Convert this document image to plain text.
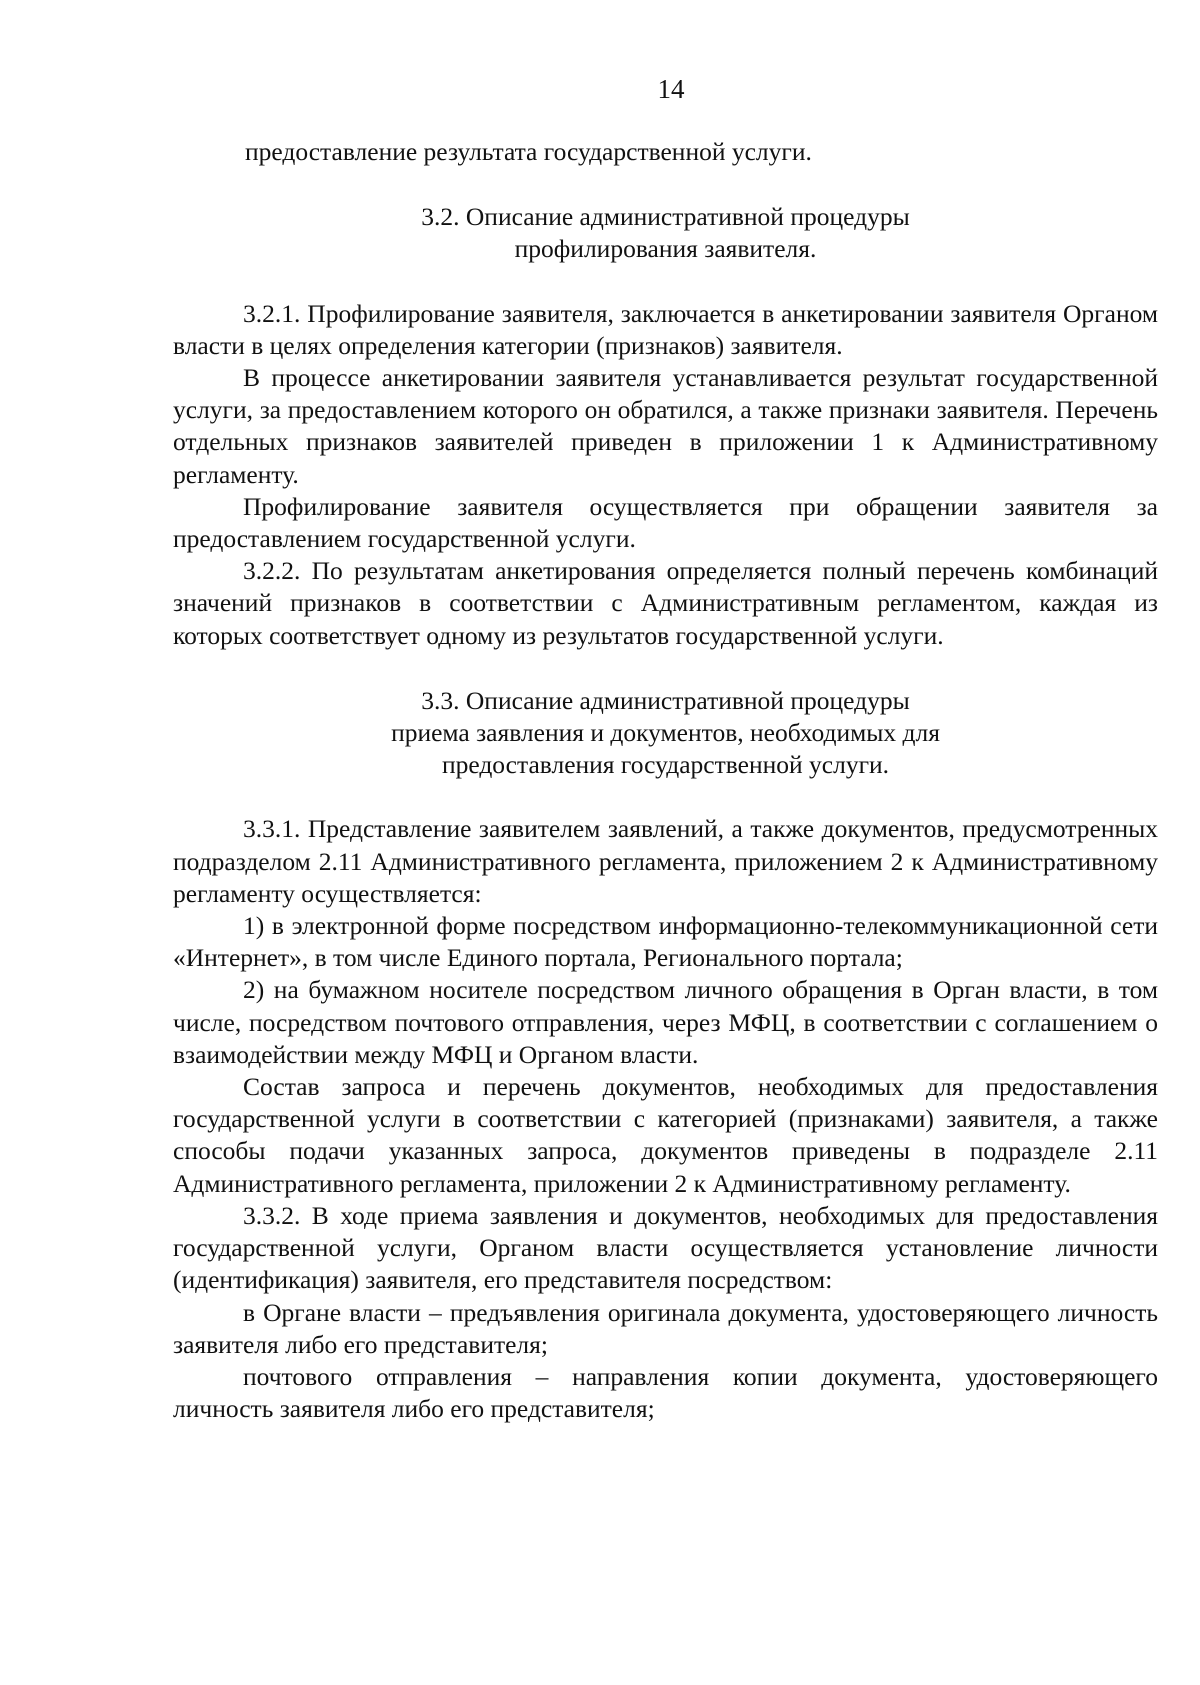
14

предоставление результата государственной услуги.

3.2. Описание административной процедуры
профилирования заявителя.

3.2.1. Профилирование заявителя, заключается в анкетировании заявителя Органом власти в целях определения категории (признаков) заявителя.

В процессе анкетировании заявителя устанавливается результат государственной услуги, за предоставлением которого он обратился, а также признаки заявителя. Перечень отдельных признаков заявителей приведен в приложении 1 к Административному регламенту.

Профилирование заявителя осуществляется при обращении заявителя за предоставлением государственной услуги.

3.2.2. По результатам анкетирования определяется полный перечень комбинаций значений признаков в соответствии с Административным регламентом, каждая из которых соответствует одному из результатов государственной услуги.

3.3. Описание административной процедуры
приема заявления и документов, необходимых для
предоставления государственной услуги.

3.3.1. Представление заявителем заявлений, а также документов, предусмотренных подразделом 2.11 Административного регламента, приложением 2 к Административному регламенту осуществляется:

1) в электронной форме посредством информационно-телекоммуникационной сети «Интернет», в том числе Единого портала, Регионального портала;

2) на бумажном носителе посредством личного обращения в Орган власти, в том числе, посредством почтового отправления, через МФЦ, в соответствии с соглашением о взаимодействии между МФЦ и Органом власти.

Состав запроса и перечень документов, необходимых для предоставления государственной услуги в соответствии с категорией (признаками) заявителя, а также способы подачи указанных запроса, документов приведены в подразделе 2.11 Административного регламента, приложении 2 к Административному регламенту.

3.3.2. В ходе приема заявления и документов, необходимых для предоставления государственной услуги, Органом власти осуществляется установление личности (идентификация) заявителя, его представителя посредством:

в Органе власти – предъявления оригинала документа, удостоверяющего личность заявителя либо его представителя;

почтового отправления – направления копии документа, удостоверяющего личность заявителя либо его представителя;
